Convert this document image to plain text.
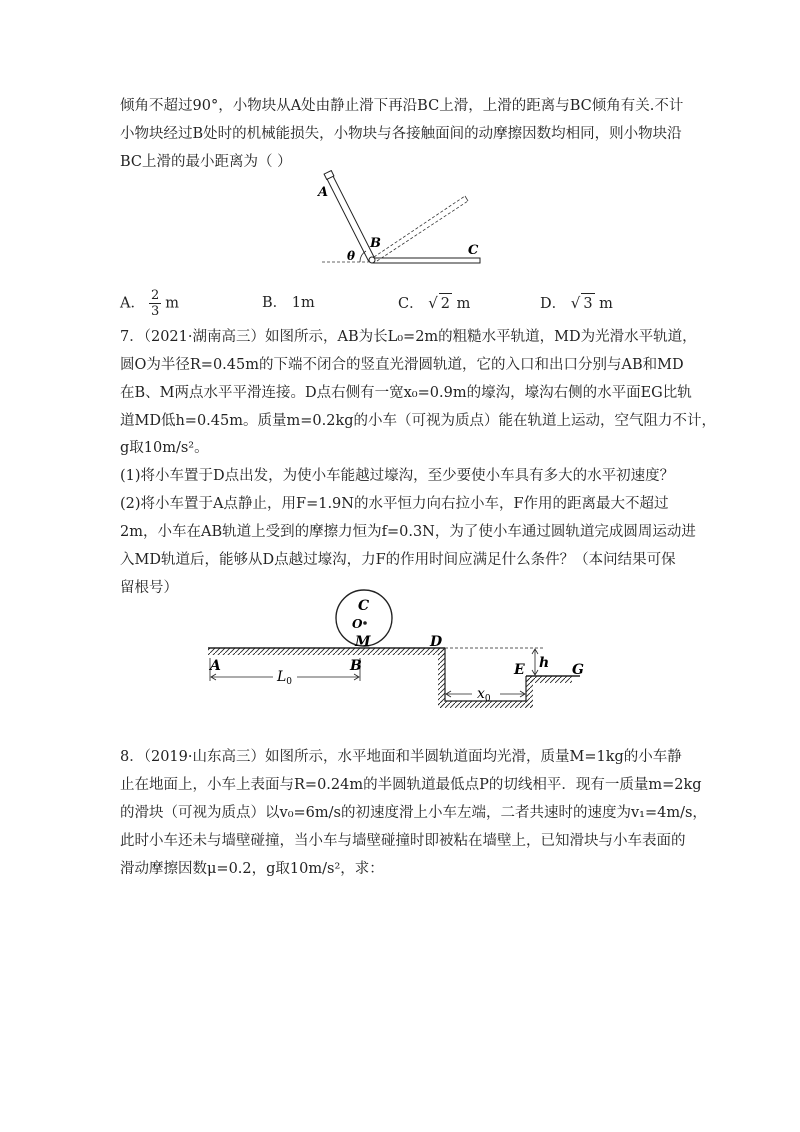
倾角不超过90°，小物块从A处由静止滑下再沿BC上滑，上滑的距离与BC倾角有关.不计
小物块经过B处时的机械能损失，小物块与各接触面间的动摩擦因数均相同，则小物块沿
BC上滑的最小距离为（ ）
A
B	C
θ
A． $\frac{2}{3}$ m	B． 1m	C． √ 2 m	D． √ 3 m
7．（2021·湖南高三）如图所示，AB为长L₀=2m的粗糙水平轨道，MD为光滑水平轨道，
圆O为半径R=0.45m的下端不闭合的竖直光滑圆轨道，它的入口和出口分别与AB和MD
在B、M两点水平平滑连接。D点右侧有一宽x₀=0.9m的壕沟，壕沟右侧的水平面EG比轨
道MD低h=0.45m。质量m=0.2kg的小车（可视为质点）能在轨道上运动，空气阻力不计，
g取10m/s²。
(1)将小车置于D点出发，为使小车能越过壕沟，至少要使小车具有多大的水平初速度？
(2)将小车置于A点静止，用F=1.9N的水平恒力向右拉小车，F作用的距离最大不超过
2m，小车在AB轨道上受到的摩擦力恒为f=0.3N，为了使小车通过圆轨道完成圆周运动进
入MD轨道后，能够从D点越过壕沟，力F的作用时间应满足什么条件？（本问结果可保
留根号）
C
O
M
A	B
D
E	G
h
$L_0$
$x_0$
8．（2019·山东高三）如图所示，水平地面和半圆轨道面均光滑，质量M=1kg的小车静
止在地面上，小车上表面与R=0.24m的半圆轨道最低点P的切线相平．现有一质量m=2kg
的滑块（可视为质点）以v₀=6m/s的初速度滑上小车左端，二者共速时的速度为v₁=4m/s，
此时小车还未与墙壁碰撞，当小车与墙壁碰撞时即被粘在墙壁上，已知滑块与小车表面的
滑动摩擦因数μ=0.2，g取10m/s²，求：
